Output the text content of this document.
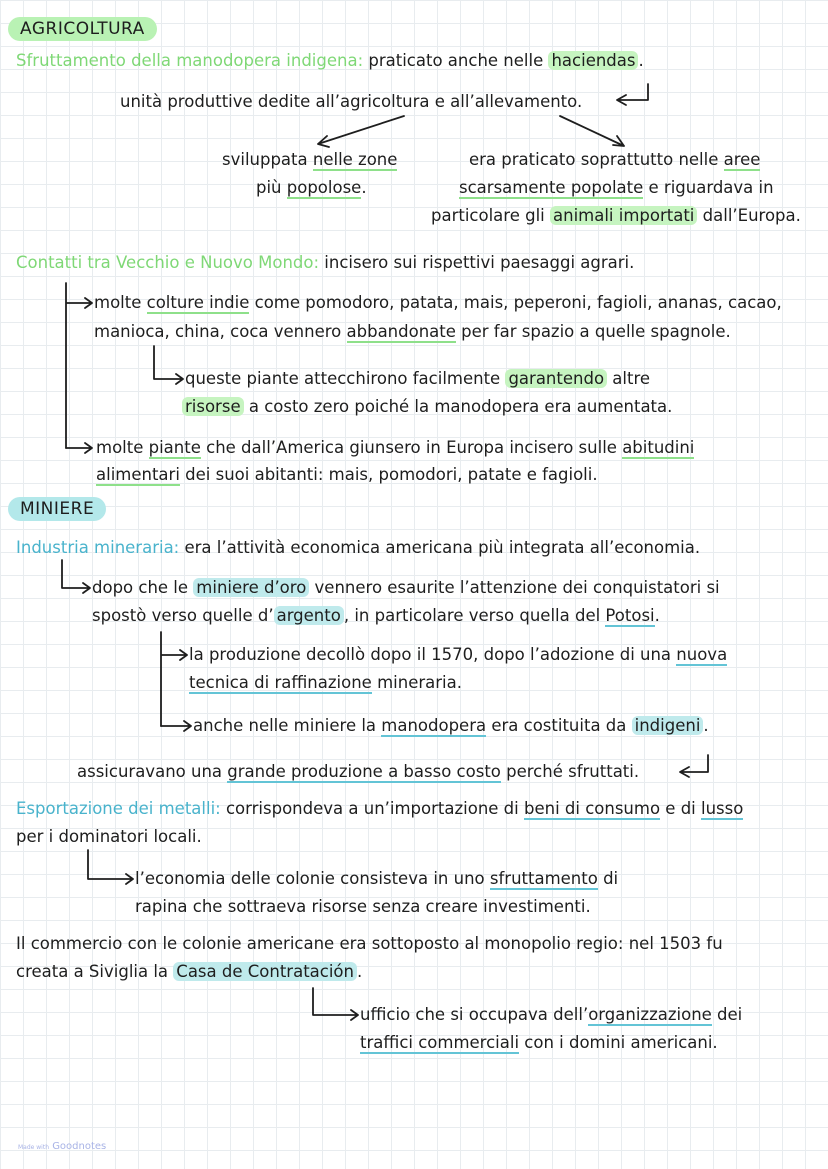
AGRICOLTURA
Sfruttamento della manodopera indigena: praticato anche nelle haciendas .
unità produttive dedite all’agricoltura e all’allevamento.
sviluppata nelle zone
più popolose.
era praticato soprattutto nelle aree
scarsamente popolate e riguardava in
particolare gli animali importati dall’Europa.
Contatti tra Vecchio e Nuovo Mondo: incisero sui rispettivi paesaggi agrari.
molte colture indie come pomodoro, patata, mais, peperoni, fagioli, ananas, cacao,
manioca, china, coca vennero abbandonate per far spazio a quelle spagnole.
queste piante attecchirono facilmente garantendo altre
risorse a costo zero poiché la manodopera era aumentata.
molte piante che dall’America giunsero in Europa incisero sulle abitudini
alimentari dei suoi abitanti: mais, pomodori, patate e fagioli.
MINIERE
Industria mineraria: era l’attività economica americana più integrata all’economia.
dopo che le miniere d’oro vennero esaurite l’attenzione dei conquistatori si
spostò verso quelle d’ argento , in particolare verso quella del Potosi.
la produzione decollò dopo il 1570, dopo l’adozione di una nuova
tecnica di raffinazione mineraria.
anche nelle miniere la manodopera era costituita da indigeni .
assicuravano una grande produzione a basso costo perché sfruttati.
Esportazione dei metalli: corrispondeva a un’importazione di beni di consumo e di lusso
per i dominatori locali.
l’economia delle colonie consisteva in uno sfruttamento di
rapina che sottraeva risorse senza creare investimenti.
Il commercio con le colonie americane era sottoposto al monopolio regio: nel 1503 fu
creata a Siviglia la Casa de Contratación .
ufficio che si occupava dell’organizzazione dei
traffici commerciali con i domini americani.
Made with Goodnotes
